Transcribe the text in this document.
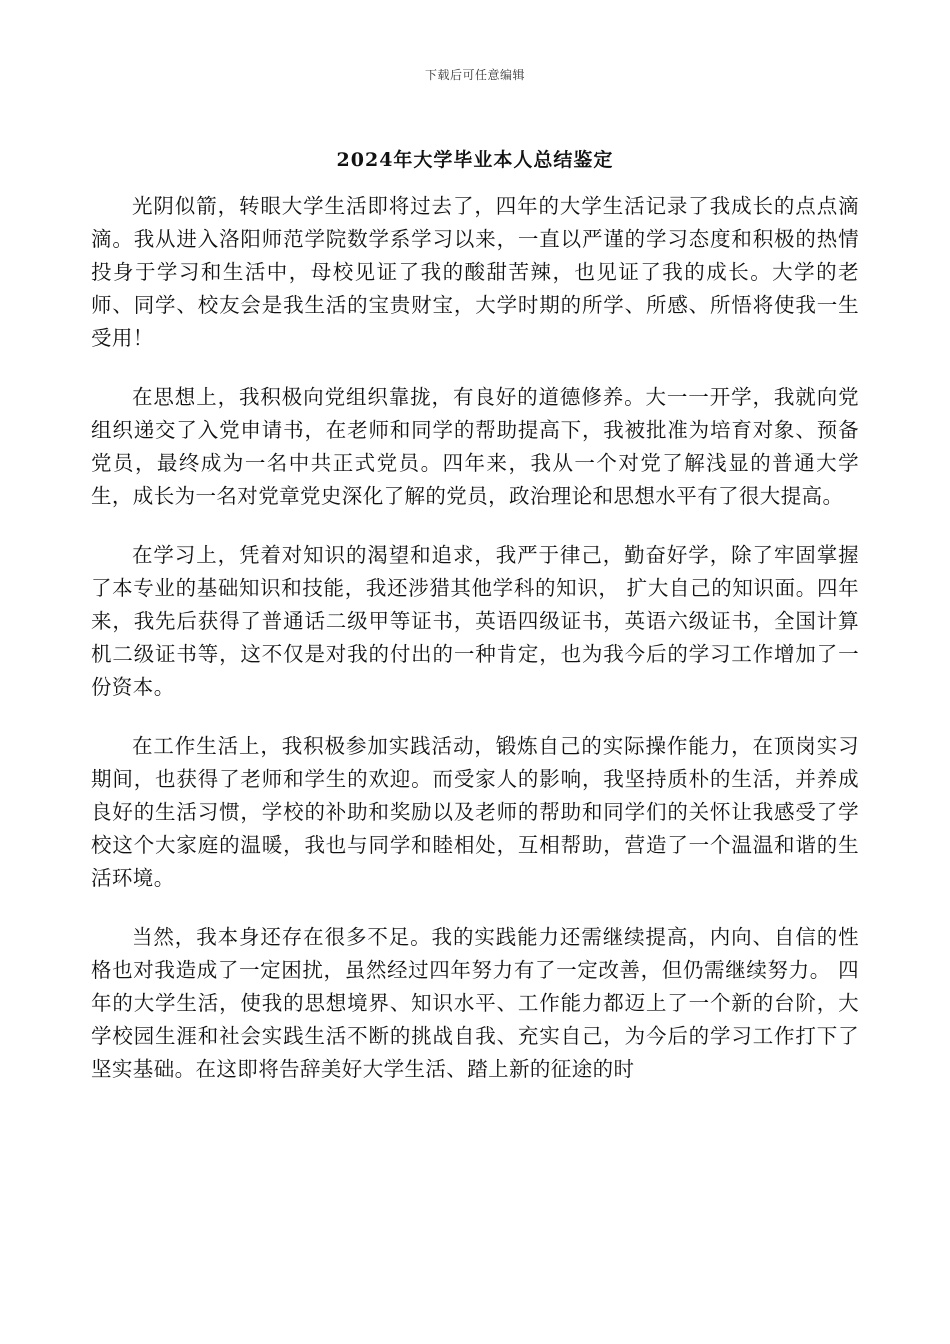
下载后可任意编辑
2024年大学毕业本人总结鉴定

光阴似箭，转眼大学生活即将过去了，四年的大学生活记录了我成长的点点滴滴。我从进入洛阳师范学院数学系学习以来，一直以严谨的学习态度和积极的热情投身于学习和生活中，母校见证了我的酸甜苦辣，也见证了我的成长。大学的老师、同学、校友会是我生活的宝贵财宝，大学时期的所学、所感、所悟将使我一生受用！

在思想上，我积极向党组织靠拢，有良好的道德修养。大一一开学，我就向党组织递交了入党申请书，在老师和同学的帮助提高下，我被批准为培育对象、预备党员，最终成为一名中共正式党员。四年来，我从一个对党了解浅显的普通大学生，成长为一名对党章党史深化了解的党员，政治理论和思想水平有了很大提高。

在学习上，凭着对知识的渴望和追求，我严于律己，勤奋好学，除了牢固掌握了本专业的基础知识和技能，我还涉猎其他学科的知识， 扩大自己的知识面。四年来，我先后获得了普通话二级甲等证书，英语四级证书，英语六级证书，全国计算机二级证书等，这不仅是对我的付出的一种肯定，也为我今后的学习工作增加了一份资本。

在工作生活上，我积极参加实践活动，锻炼自己的实际操作能力，在顶岗实习期间，也获得了老师和学生的欢迎。而受家人的影响，我坚持质朴的生活，并养成良好的生活习惯，学校的补助和奖励以及老师的帮助和同学们的关怀让我感受了学校这个大家庭的温暖，我也与同学和睦相处，互相帮助，营造了一个温温和谐的生活环境。

当然，我本身还存在很多不足。我的实践能力还需继续提高，内向、自信的性格也对我造成了一定困扰，虽然经过四年努力有了一定改善，但仍需继续努力。 四年的大学生活，使我的思想境界、知识水平、工作能力都迈上了一个新的台阶，大学校园生涯和社会实践生活不断的挑战自我、充实自己，为今后的学习工作打下了坚实基础。在这即将告辞美好大学生活、踏上新的征途的时
